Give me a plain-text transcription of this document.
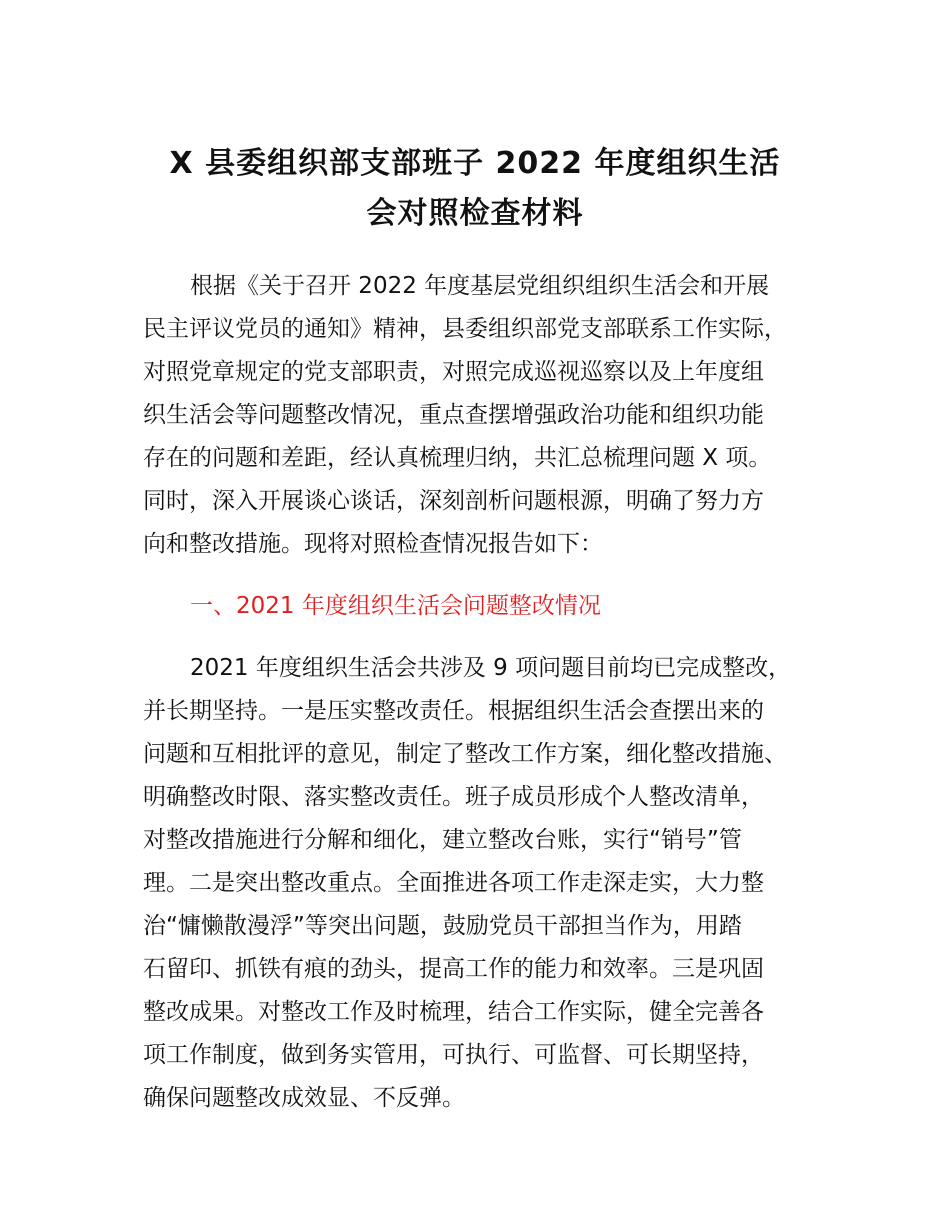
X 县委组织部支部班子 2022 年度组织生活
会对照检查材料

根据《关于召开 2022 年度基层党组织组织生活会和开展

民主评议党员的通知》精神，县委组织部党支部联系工作实际，

对照党章规定的党支部职责，对照完成巡视巡察以及上年度组

织生活会等问题整改情况，重点查摆增强政治功能和组织功能

存在的问题和差距，经认真梳理归纳，共汇总梳理问题 X 项。

同时，深入开展谈心谈话，深刻剖析问题根源，明确了努力方

向和整改措施。现将对照检查情况报告如下：

一、2021 年度组织生活会问题整改情况

2021 年度组织生活会共涉及 9 项问题目前均已完成整改，

并长期坚持。一是压实整改责任。根据组织生活会查摆出来的

问题和互相批评的意见，制定了整改工作方案，细化整改措施、

明确整改时限、落实整改责任。班子成员形成个人整改清单，

对整改措施进行分解和细化，建立整改台账，实行“销号”管

理。二是突出整改重点。全面推进各项工作走深走实，大力整

治“慵懒散漫浮”等突出问题，鼓励党员干部担当作为，用踏

石留印、抓铁有痕的劲头，提高工作的能力和效率。三是巩固

整改成果。对整改工作及时梳理，结合工作实际，健全完善各

项工作制度，做到务实管用，可执行、可监督、可长期坚持，

确保问题整改成效显、不反弹。
